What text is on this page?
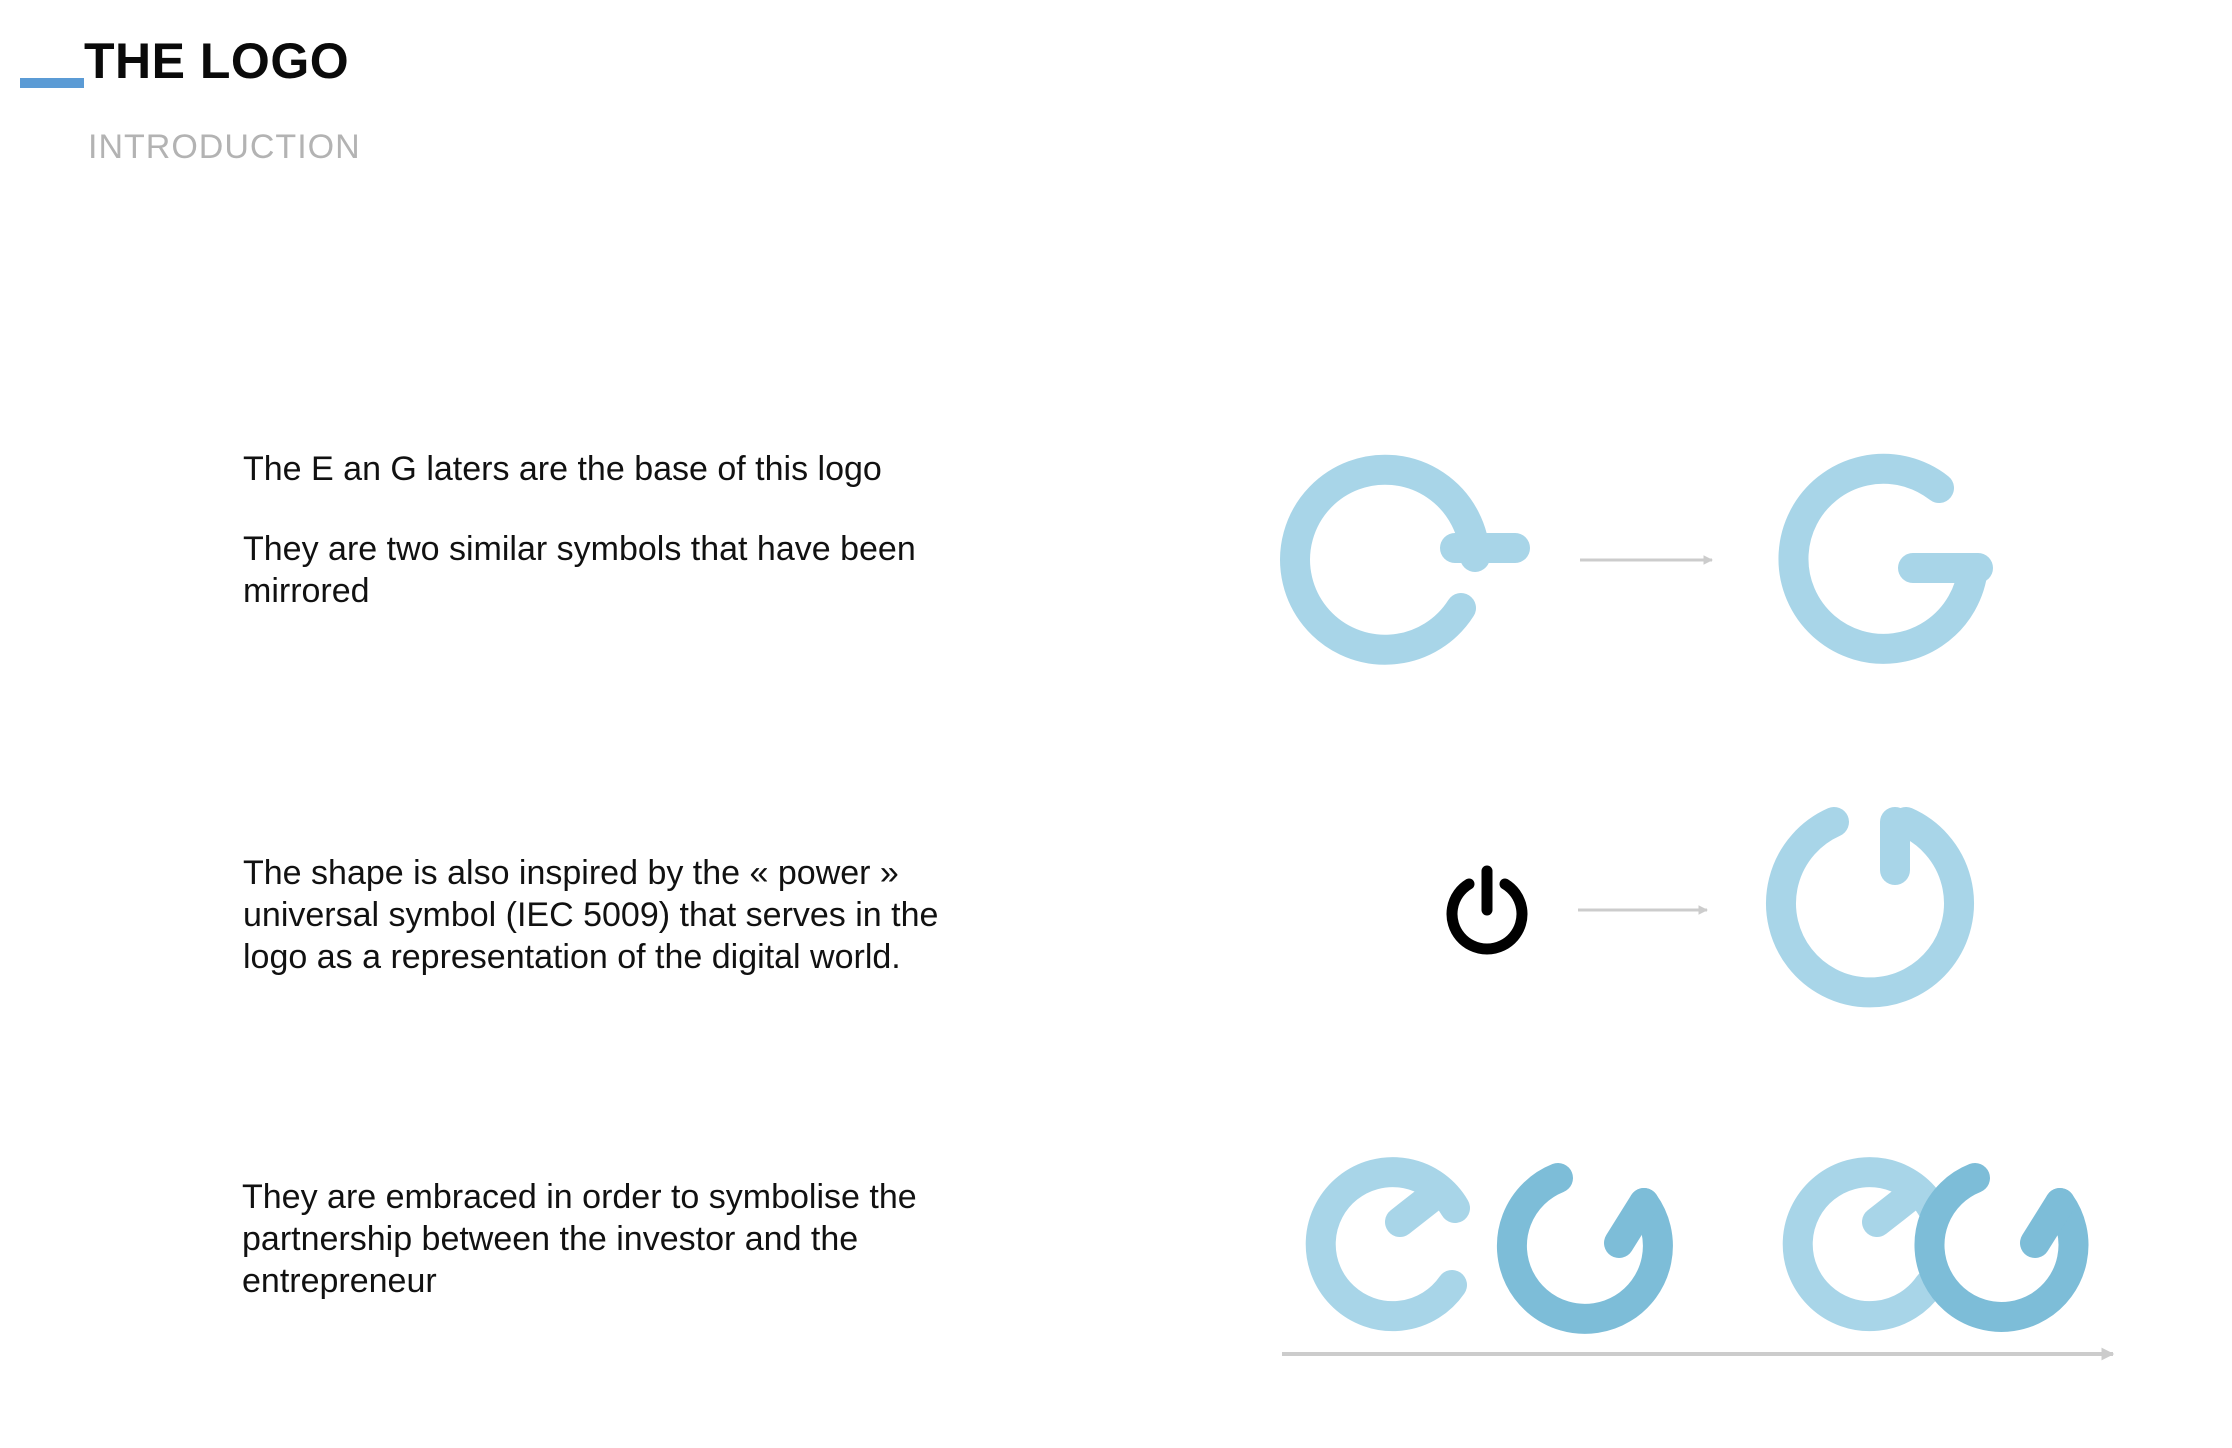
THE LOGO
INTRODUCTION

The E an G laters are the base of this logo

They are two similar symbols that have been mirrored

The shape is also inspired by the « power » universal symbol (IEC 5009) that serves in the logo as a representation of the digital world.

They are embraced in order to symbolise the partnership between the investor and the entrepreneur
